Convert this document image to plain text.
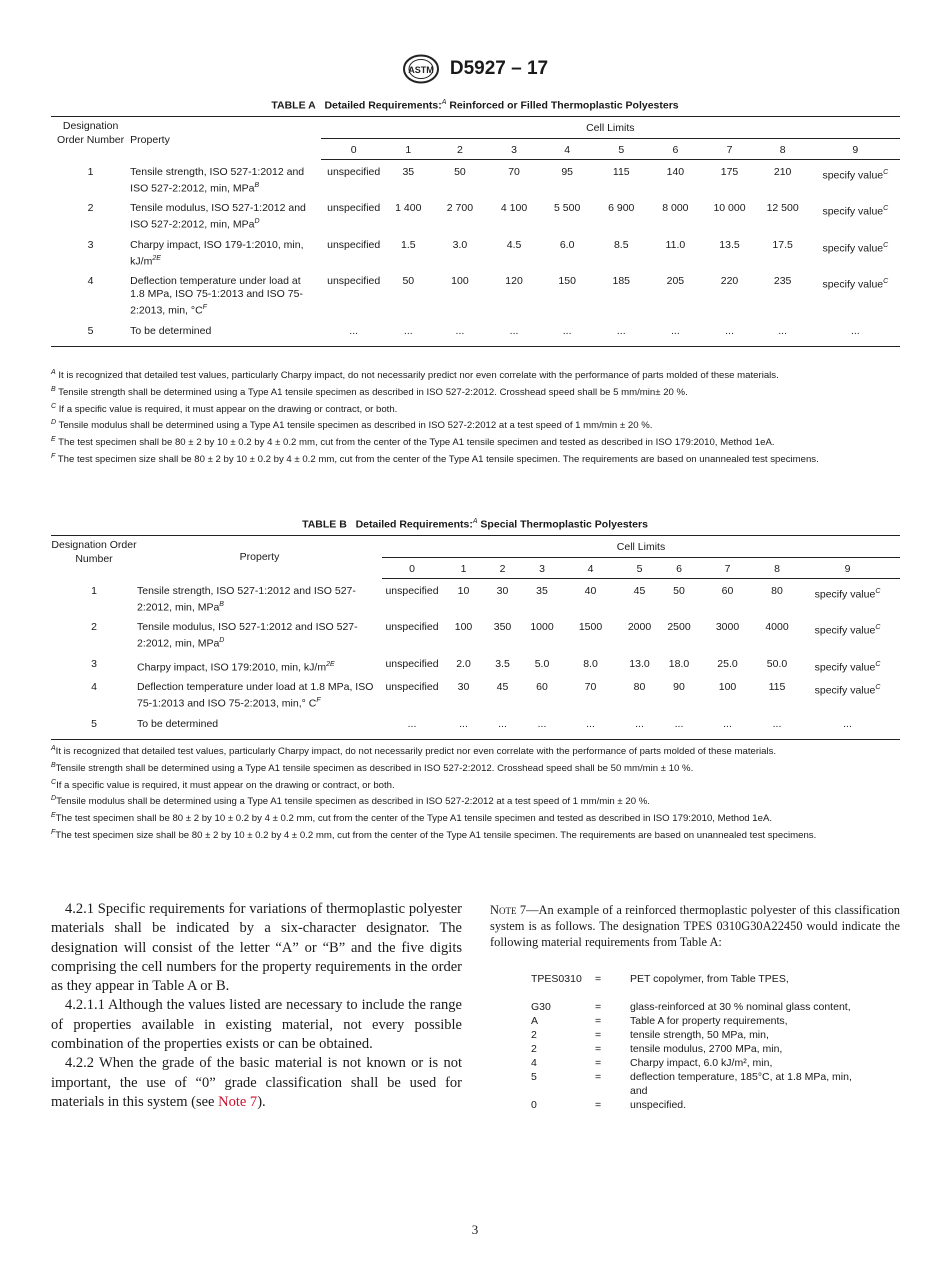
ASTM D5927 – 17
TABLE A Detailed Requirements:$^A$ Reinforced or Filled Thermoplastic Polyesters
Designation Order Number	Property	Cell Limits									
		0	1	2	3	4	5	6	7	8	9
1	Tensile strength, ISO 527-1:2012 and ISO 527-2:2012, min, MPa$^B$	unspecified	35	50	70	95	115	140	175	210	specify value$^C$
2	Tensile modulus, ISO 527-1:2012 and ISO 527-2:2012, min, MPa$^D$	unspecified	1 400	2 700	4 100	5 500	6 900	8 000	10 000	12 500	specify value$^C$
3	Charpy impact, ISO 179-1:2010, min, $kJ/m^{2E}$	unspecified	1.5	3.0	4.5	6.0	8.5	11.0	13.5	17.5	specify value$^C$
4	Deflection temperature under load at 1.8 MPa, ISO 75-1:2013 and ISO 75-2:2013, min, $^\circ C^F$	unspecified	50	100	120	150	185	205	220	235	specify value$^C$
5	To be determined	...	...	...	...	...	...	...	...	...	...

$^A$ It is recognized that detailed test values, particularly Charpy impact, do not necessarily predict nor even correlate with the performance of parts molded of these materials.

$^B$ Tensile strength shall be determined using a Type A1 tensile specimen as described in ISO 527-2:2012. Crosshead speed shall be 5 mm/min± 20 %.

$^C$ If a specific value is required, it must appear on the drawing or contract, or both.

$^D$ Tensile modulus shall be determined using a Type A1 tensile specimen as described in ISO 527-2:2012 at a test speed of 1 mm/min ± 20 %.

$^E$ The test specimen shall be 80 ± 2 by 10 ± 0.2 by 4 ± 0.2 mm, cut from the center of the Type A1 tensile specimen and tested as described in ISO 179:2010, Method 1eA.

$^F$ The test specimen size shall be 80 ± 2 by 10 ± 0.2 by 4 ± 0.2 mm, cut from the center of the Type A1 tensile specimen. The requirements are based on unannealed test specimens.

TABLE B Detailed Requirements:$^A$ Special Thermoplastic Polyesters
Designation Order Number	Property	Cell Limits									
		0	1	2	3	4	5	6	7	8	9
1	Tensile strength, ISO 527-1:2012 and ISO 527-2:2012, min, MPa$^B$	unspecified	10	30	35	40	45	50	60	80	specify value$^C$
2	Tensile modulus, ISO 527-1:2012 and ISO 527-2:2012, min, MPa$^D$	unspecified	100	350	1000	1500	2000	2500	3000	4000	specify value$^C$
3	Charpy impact, ISO 179:2010, min, $kJ/m^{2E}$	unspecified	2.0	3.5	5.0	8.0	13.0	18.0	25.0	50.0	specify value$^C$
4	Deflection temperature under load at 1.8 MPa, ISO 75-1:2013 and ISO 75-2:2013, min,° $C^F$	unspecified	30	45	60	70	80	90	100	115	specify value$^C$
5	To be determined	...	...	...	...	...	...	...	...	...	...

$^A$It is recognized that detailed test values, particularly Charpy impact, do not necessarily predict nor even correlate with the performance of parts molded of these materials.

$^B$Tensile strength shall be determined using a Type A1 tensile specimen as described in ISO 527-2:2012. Crosshead speed shall be 50 mm/min ± 10 %.

$^C$If a specific value is required, it must appear on the drawing or contract, or both.

$^D$Tensile modulus shall be determined using a Type A1 tensile specimen as described in ISO 527-2:2012 at a test speed of 1 mm/min ± 20 %.

$^E$The test specimen shall be 80 ± 2 by 10 ± 0.2 by 4 ± 0.2 mm, cut from the center of the Type A1 tensile specimen and tested as described in ISO 179:2010, Method 1eA.

$^F$The test specimen size shall be 80 ± 2 by 10 ± 0.2 by 4 ± 0.2 mm, cut from the center of the Type A1 tensile specimen. The requirements are based on unannealed test specimens.

4.2.1 Specific requirements for variations of thermoplastic polyester materials shall be indicated by a six-character designator. The designation will consist of the letter “A” or “B” and the five digits comprising the cell numbers for the property requirements in the order as they appear in Table A or B.

4.2.1.1 Although the values listed are necessary to include the range of properties available in existing material, not every possible combination of the properties exists or can be obtained.

4.2.2 When the grade of the basic material is not known or is not important, the use of “0” grade classification shall be used for materials in this system (see Note 7).

Note 7—An example of a reinforced thermoplastic polyester of this classification system is as follows. The designation TPES 0310G30A22450 would indicate the following material requirements from Table A:
TPES0310	=	PET copolymer, from Table TPES,
G30	=	glass-reinforced at 30 % nominal glass content,
A	=	Table A for property requirements,
2	=	tensile strength, 50 MPa, min,
2	=	tensile modulus, 2700 MPa, min,
4	=	Charpy impact, 6.0 kJ/m², min,
5	=	deflection temperature, 185°C, at 1.8 MPa, min, and
0	=	unspecified.
3
